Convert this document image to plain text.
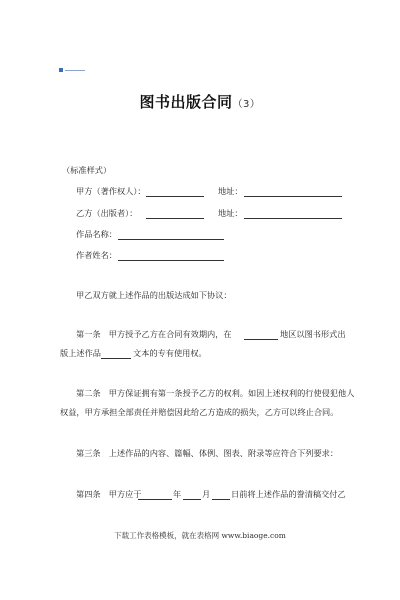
图书出版合同（3）
（标准样式）
甲方（著作权人）：	地址：
乙方（出版者）：	地址：
作品名称：
作者姓名：
甲乙双方就上述作品的出版达成如下协议：
第一条　甲方授予乙方在合同有效期内，在	地区以图书形式出
版上述作品	文本的专有使用权。
第二条　甲方保证拥有第一条授予乙方的权利。如因上述权利的行使侵犯他人
权益，甲方承担全部责任并赔偿因此给乙方造成的损失，乙方可以终止合同。
第三条　上述作品的内容、篇幅、体例、图表、附录等应符合下列要求：
第四条　甲方应于	年	月	日前将上述作品的誊清稿交付乙
下载工作表格模板，就在表格网 www.biaoge.com
